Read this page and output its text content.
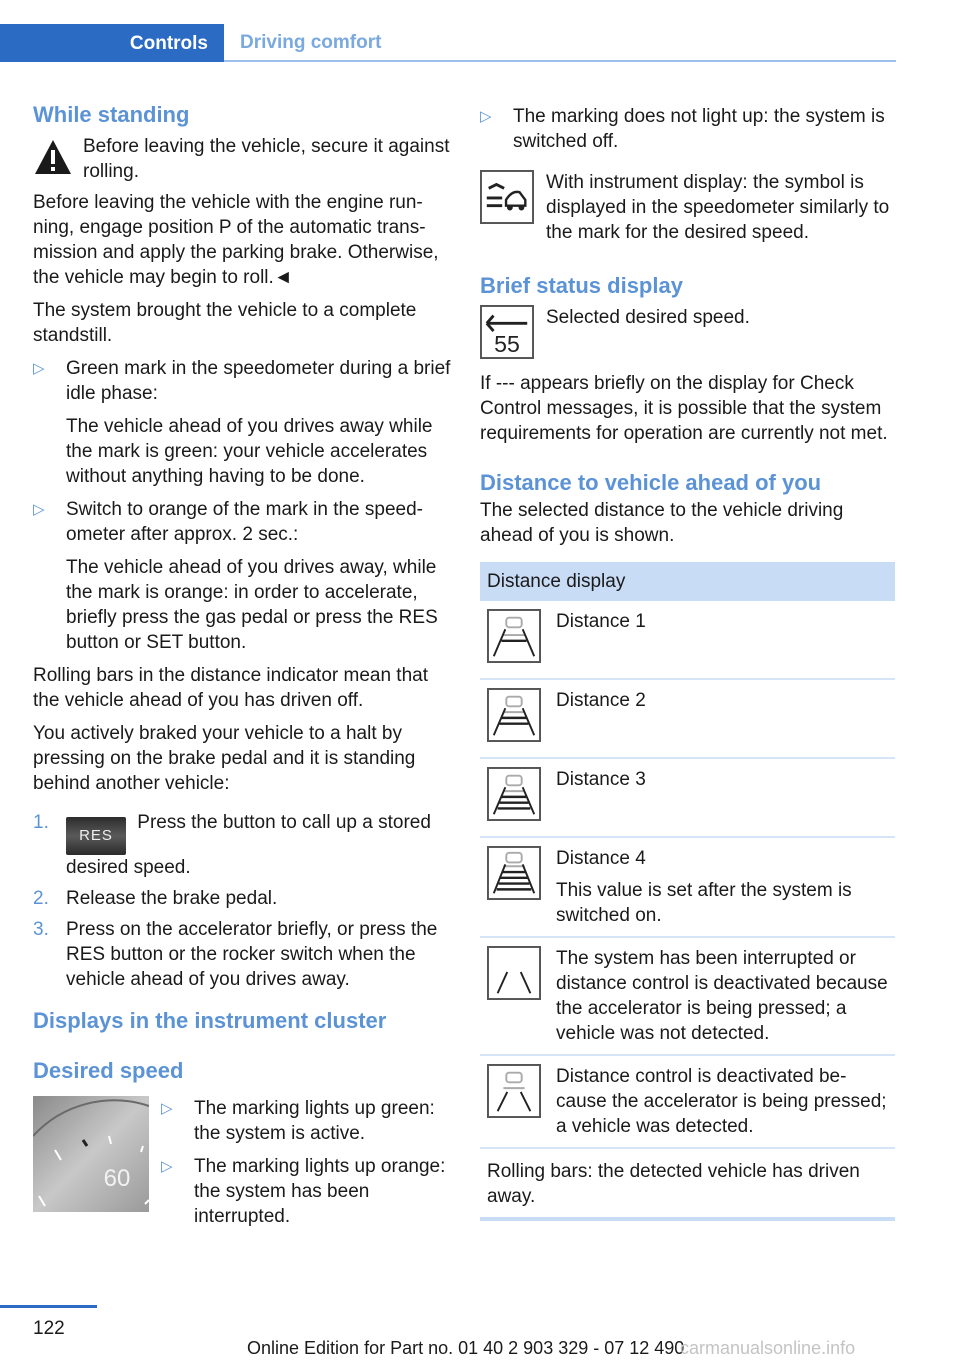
Controls	Driving comfort
While standing

Before leaving the vehicle, secure it against rolling.

Before leaving the vehicle with the engine running, engage position P of the automatic transmission and apply the parking brake. Otherwise, the vehicle may begin to roll.◄

The system brought the vehicle to a complete standstill.

▷ Green mark in the speedometer during a brief idle phase:
The vehicle ahead of you drives away while the mark is green: your vehicle accelerates without anything having to be done.
▷ Switch to orange of the mark in the speedometer after approx. 2 sec.:
The vehicle ahead of you drives away, while the mark is orange: in order to accelerate, briefly press the gas pedal or press the RES button or SET button.

Rolling bars in the distance indicator mean that the vehicle ahead of you has driven off.

You actively braked your vehicle to a halt by pressing on the brake pedal and it is standing behind another vehicle:

1.
RES Press the button to call up a stored desired speed.
2. Release the brake pedal.
3. Press on the accelerator briefly, or press the RES button or the rocker switch when the vehicle ahead of you drives away.
Displays in the instrument cluster
Desired speed
60
▷ The marking lights up green: the system is active.
▷ The marking lights up orange: the system has been interrupted.
▷ The marking does not light up: the system is switched off.

With instrument display: the symbol is displayed in the speedometer similarly to the mark for the desired speed.

Brief status display
55

Selected desired speed.

If --- appears briefly on the display for Check Control messages, it is possible that the system requirements for operation are currently not met.

Distance to vehicle ahead of you

The selected distance to the vehicle driving ahead of you is shown.

Distance display	

Distance 1

Distance 2

Distance 3

Distance 4
This value is set after the system is switched on.

The system has been interrupted or distance control is deactivated because the accelerator is being pressed; a vehicle was not detected.

Distance control is deactivated because the accelerator is being pressed; a vehicle was detected.

Rolling bars: the detected vehicle has driven away.	
122
Online Edition for Part no. 01 40 2 903 329 - 07 12 490
carmanualsonline.info
